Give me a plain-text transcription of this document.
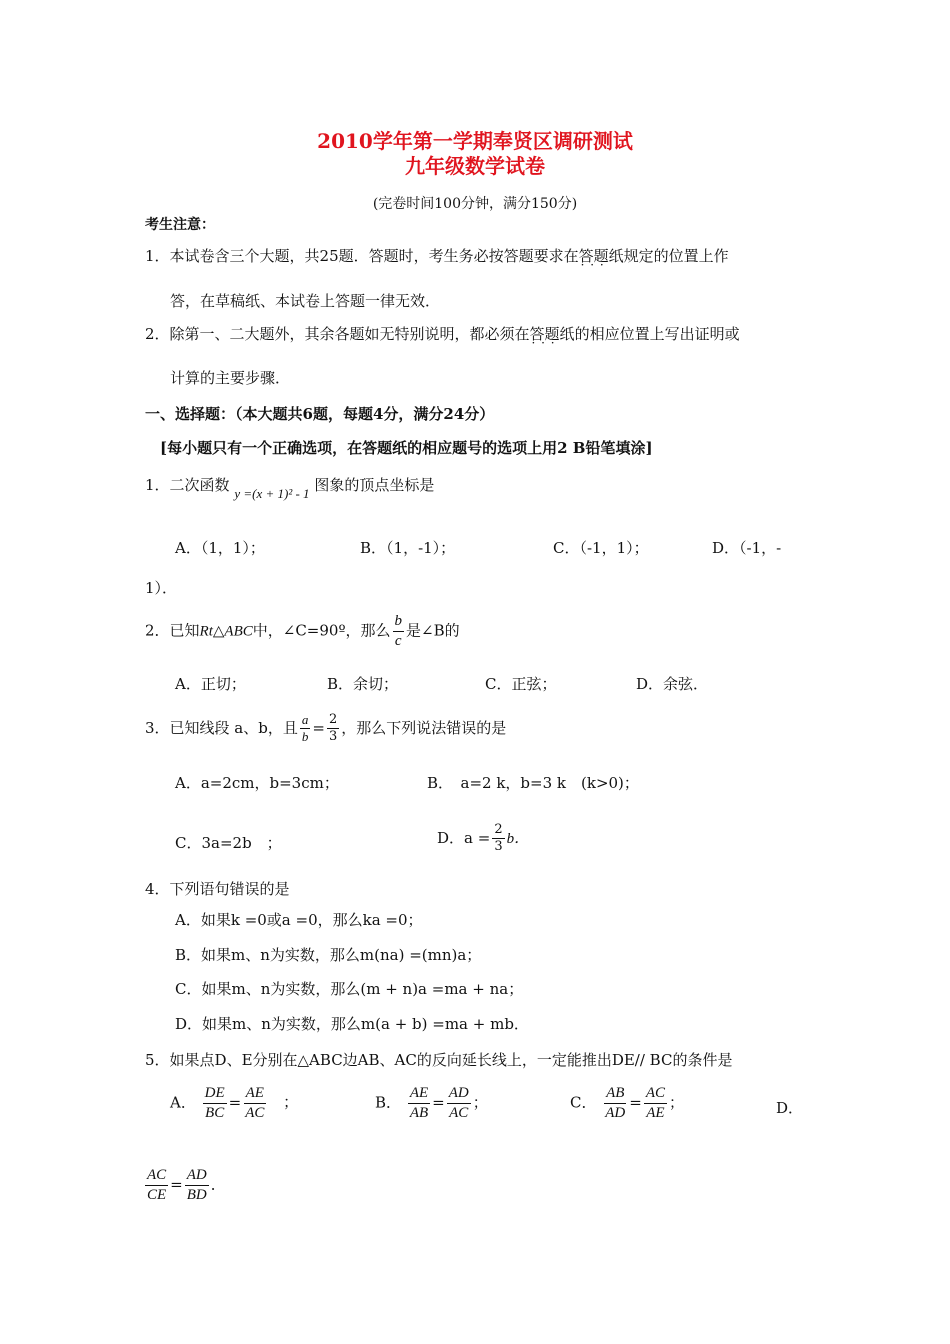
2010学年第一学期奉贤区调研测试
九年级数学试卷
(完卷时间100分钟，满分150分)
考生注意：
1．本试卷含三个大题，共25题．答题时，考生务必按答题要求在答题纸 · · ·规定的位置上作
答，在草稿纸、本试卷上答题一律无效．
2．除第一、二大题外，其余各题如无特别说明，都必须在答题纸 · · ·的相应位置上写出证明或
计算的主要步骤．
一、选择题：（本大题共6题，每题4分，满分24分）
[每小题只有一个正确选项，在答题纸的相应题号的选项上用2 B铅笔填涂]
1．二次函数 y =(x + 1)² - 1 图象的顶点坐标是
A．（1，1）；	B．（1，-1）；	C．（-1，1）；	D．（-1，-
1）．
2．已知Rt△ABC中，∠C=90º，那么 $\frac{b}{c}$ 是∠B的
A．正切；	B．余切；	C．正弦；	D．余弦．
3．已知线段 a、b，且 $\frac{a}{b} = \frac{2}{3}$ ，那么下列说法错误的是
A．a=2cm，b=3cm；	B．　a=2 k，b=3 k　(k>0)；
C．3a=2b　；	D．$a = \frac{2}{3}$ b．
4．下列语句错误的是
A．如果k =0或a =0，那么ka =0；
B．如果m、n为实数，那么m(na) =(mn)a；
C．如果m、n为实数，那么(m + n)a =ma + na；
D．如果m、n为实数，那么m(a + b) =ma + mb．
5．如果点D、E分别在△ABC边AB、AC的反向延长线上，一定能推出DE// BC的条件是
A． $\frac{DE}{BC} = \frac{AE}{AC}$ ；	B． $\frac{AE}{AB} = \frac{AD}{AC}$ ；	C． $\frac{AB}{AD} = \frac{AC}{AE}$ ；	D．
$\frac{AC}{CE} = \frac{AD}{BD}$ ．
